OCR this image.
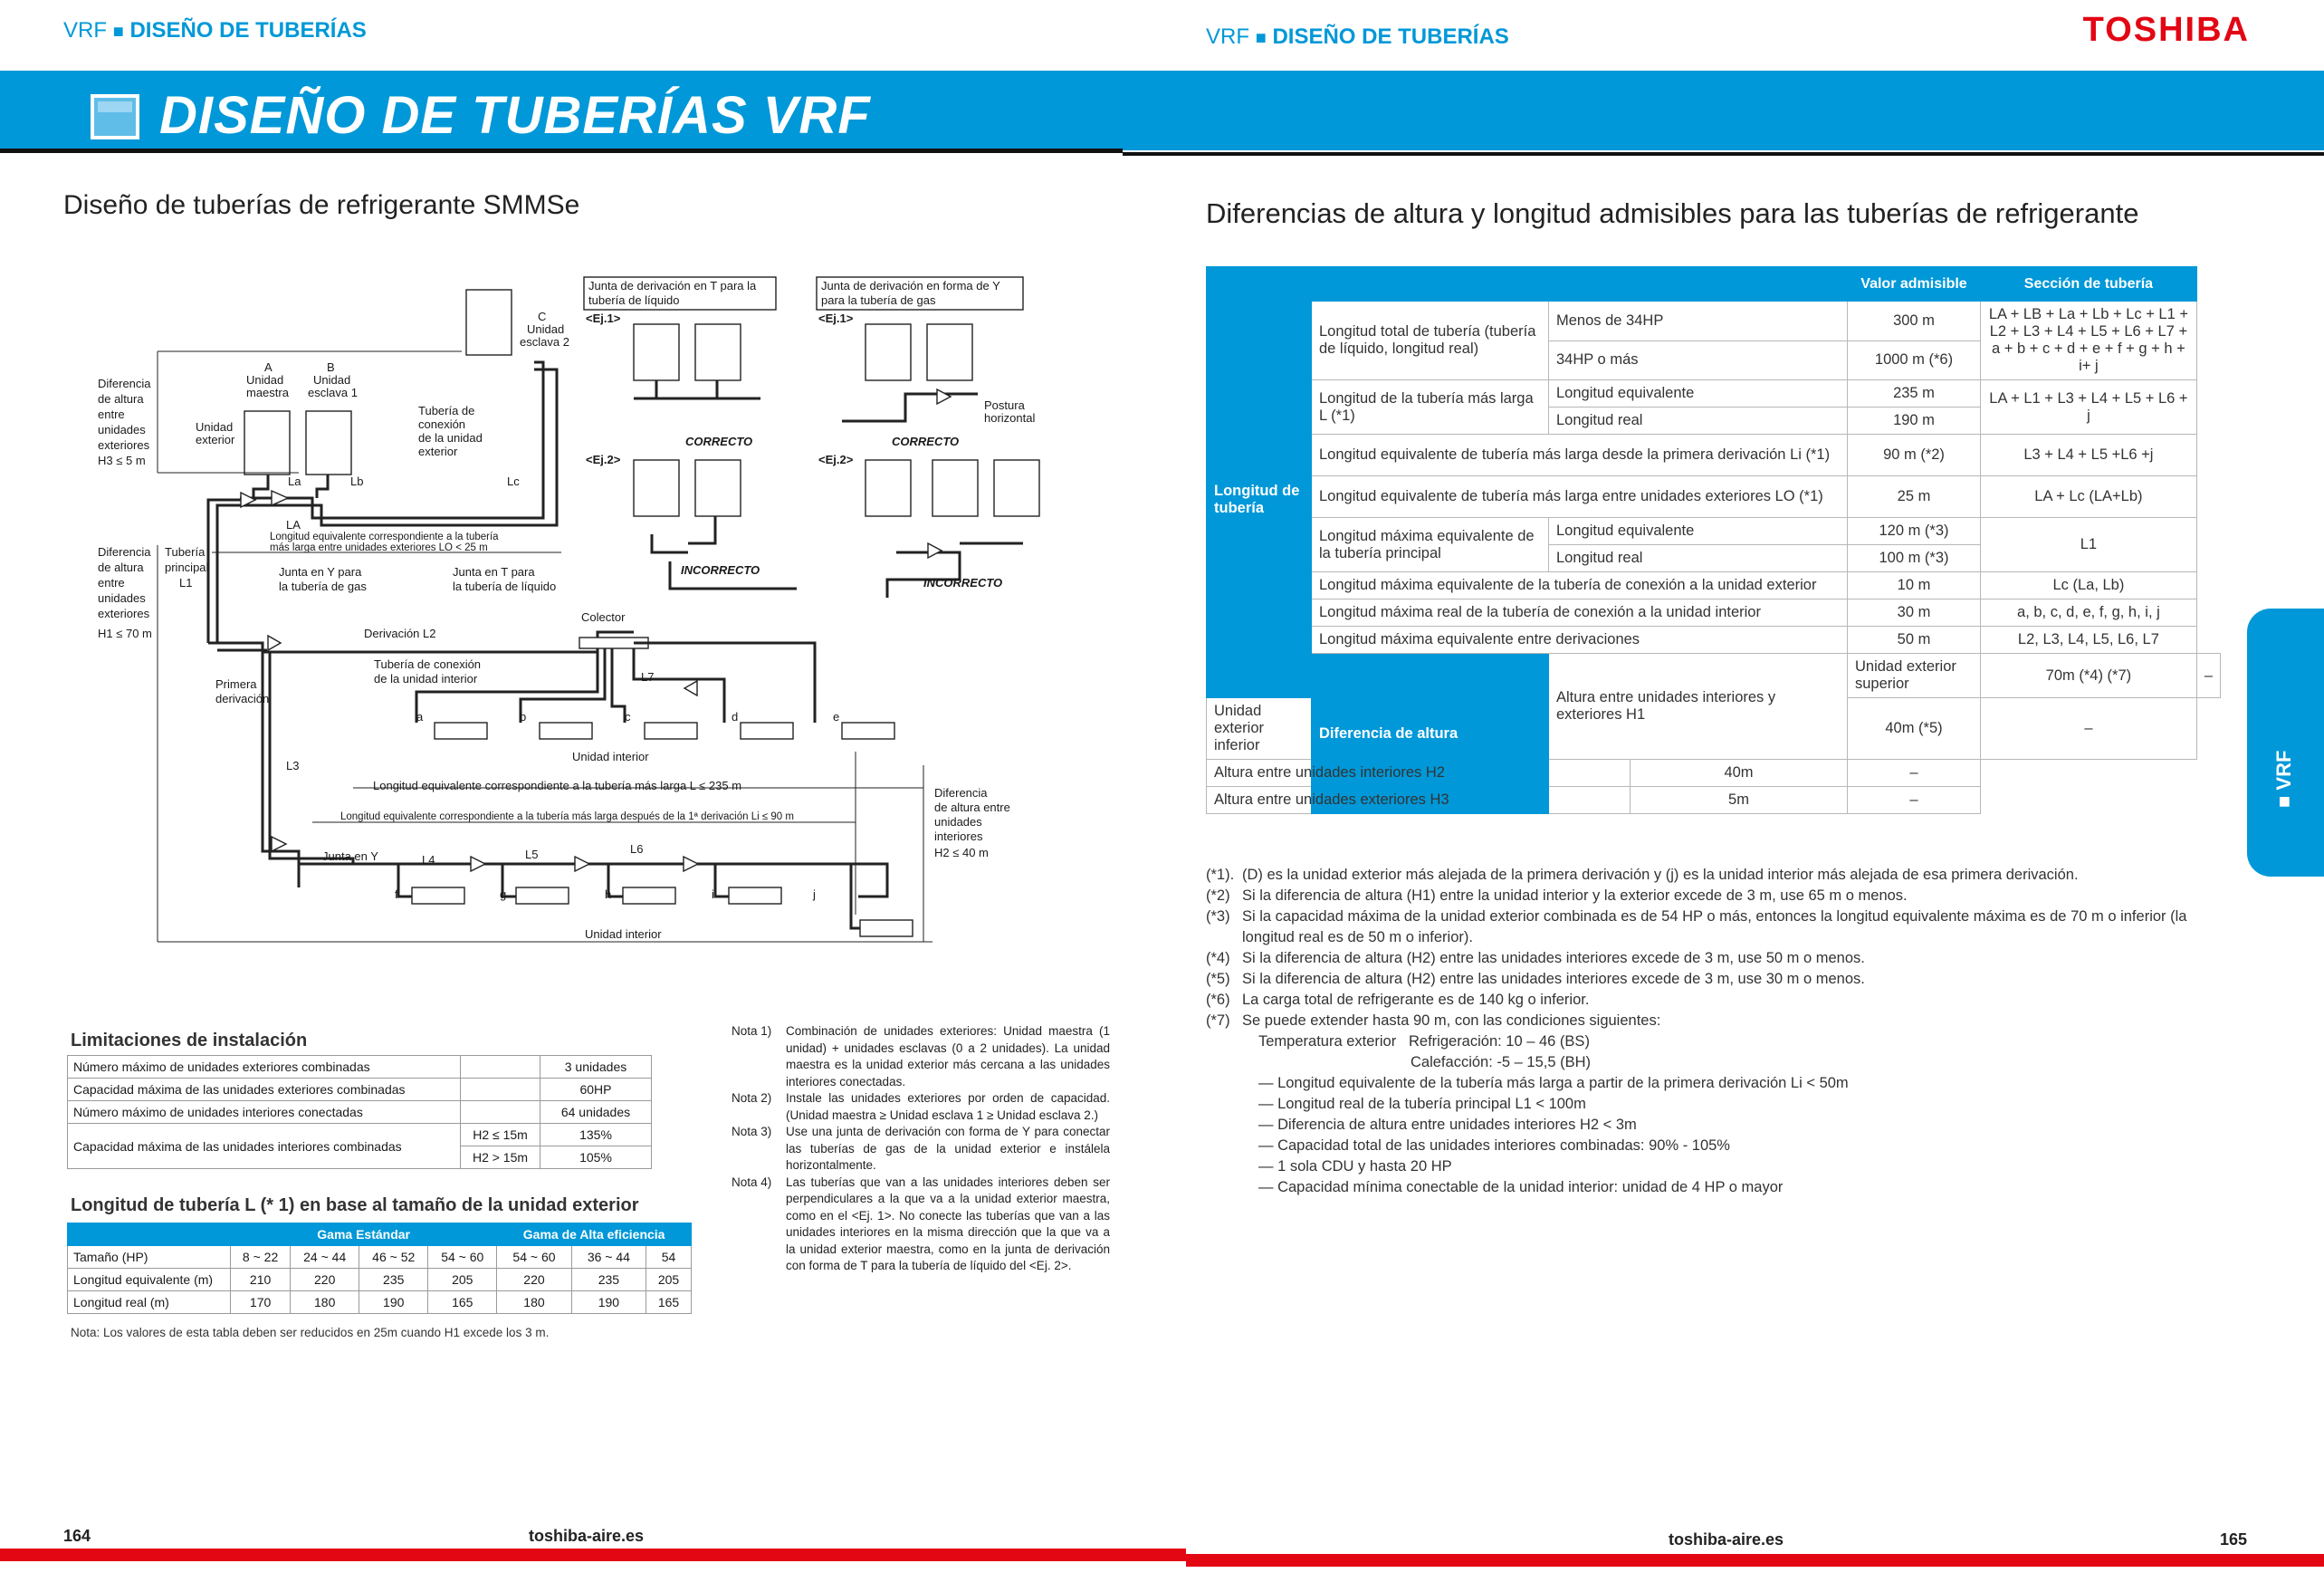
VRF ■ DISEÑO DE TUBERÍAS	VRF ■ DISEÑO DE TUBERÍAS	TOSHIBA
DISEÑO DE TUBERÍAS VRF
Diseño de tuberías de refrigerante SMMSe
Junta de derivación en T para la
tubería de líquido
Junta de derivación en forma de Y
para la tubería de gas
<Ej.1>	<Ej.1>
<Ej.2>	<Ej.2>
CORRECTO	CORRECTO
INCORRECTO
INCORRECTO
Postura
horizontal
C
Unidad
esclava 2
A
Unidad
maestra
B
Unidad
esclava 1
Unidad
exterior
Tubería de
conexión
de la unidad
exterior
Diferencia
de altura
entre
unidades
exteriores
H3 ≤ 5 m
Diferencia
de altura
entre
unidades
exteriores
H1 ≤ 70 m
Tubería
principal
L1
La	Lb	Lc
LA
Longitud equivalente correspondiente a la tubería
más larga entre unidades exteriores LO < 25 m
Junta en Y para
la tubería de gas
Junta en T para
la tubería de líquido
Colector
Derivación L2
Primera
derivación
Tubería de conexión
de la unidad interior	L7
L3
L4	L5	L6
a	b	c	d	e
f	g	h	i	j
Unidad interior
Longitud equivalente correspondiente a la tubería más larga L ≤ 235 m
Longitud equivalente correspondiente a la tubería más larga después de la 1ª derivación Li ≤ 90 m
Junta en Y
Diferencia
de altura entre
unidades
interiores
H2 ≤ 40 m
Unidad interior
Limitaciones de instalación
Número máximo de unidades exteriores combinadas		3 unidades
Capacidad máxima de las unidades exteriores combinadas		60HP
Número máximo de unidades interiores conectadas		64 unidades
Capacidad máxima de las unidades interiores combinadas	H2 ≤ 15m	135%
	H2 > 15m	105%
Longitud de tubería L (* 1) en base al tamaño de la unidad exterior
	Gama Estándar				Gama de Alta eficiencia		
Tamaño (HP)	8 ~ 22	24 ~ 44	46 ~ 52	54 ~ 60	54 ~ 60	36 ~ 44	54
Longitud equivalente (m)	210	220	235	205	220	235	205
Longitud real (m)	170	180	190	165	180	190	165
Nota: Los valores de esta tabla deben ser reducidos en 25m cuando H1 excede los 3 m.
Nota 1)	Combinación de unidades exteriores: Unidad maestra (1 unidad) + unidades esclavas (0 a 2 unidades). La unidad maestra es la unidad exterior más cercana a las unidades interiores conectadas.
Nota 2)	Instale las unidades exteriores por orden de capacidad. (Unidad maestra ≥ Unidad esclava 1 ≥ Unidad esclava 2.)
Nota 3)	Use una junta de derivación con forma de Y para conectar las tuberías de gas de la unidad exterior e instálela horizontalmente.
Nota 4)	Las tuberías que van a las unidades interiores deben ser perpendiculares a la que va a la unidad exterior maestra, como en el <Ej. 1>. No conecte las tuberías que van a las unidades interiores en la misma dirección que la que va a la unidad exterior maestra, como en la junta de derivación con forma de T para la tubería de líquido del <Ej. 2>.
Diferencias de altura y longitud admisibles para las tuberías de refrigerante
				Valor admisible	Sección de tubería	
Longitud de tubería	Longitud total de tubería (tubería de líquido, longitud real)	Menos de 34HP		300 m	LA + LB + La + Lb + Lc + L1 + L2 + L3 + L4 + L5 + L6 + L7 + a + b + c + d + e + f + g + h + i+ j	
		34HP o más		1000 m (*6)		
	Longitud de la tubería más larga L (*1)	Longitud equivalente		235 m	LA + L1 + L3 + L4 + L5 + L6 + j	
		Longitud real		190 m		
	Longitud equivalente de tubería más larga desde la primera derivación Li (*1)			90 m (*2)	L3 + L4 + L5 +L6 +j	
	Longitud equivalente de tubería más larga entre unidades exteriores LO (*1)			25 m	LA + Lc (LA+Lb)	
	Longitud máxima equivalente de la tubería principal	Longitud equivalente		120 m (*3)	L1	
		Longitud real		100 m (*3)		
	Longitud máxima equivalente de la tubería de conexión a la unidad exterior			10 m	Lc (La, Lb)	
	Longitud máxima real de la tubería de conexión a la unidad interior			30 m	a, b, c, d, e, f, g, h, i, j	
	Longitud máxima equivalente entre derivaciones			50 m	L2, L3, L4, L5, L6, L7	
	Diferencia de altura	Altura entre unidades interiores y exteriores H1		Unidad exterior superior	70m (*4) (*7)	–
Unidad exterior inferior				40m (*5)	–	
Altura entre unidades interiores H2			40m	–		
Altura entre unidades exteriores H3			5m	–		
(*1). (D) es la unidad exterior más alejada de la primera derivación y (j) es la unidad interior más alejada de esa primera derivación.
(*2) Si la diferencia de altura (H1) entre la unidad interior y la exterior excede de 3 m, use 65 m o menos.
(*3) Si la capacidad máxima de la unidad exterior combinada es de 54 HP o más, entonces la longitud equivalente máxima es de 70 m o inferior (la longitud real es de 50 m o inferior).
(*4) Si la diferencia de altura (H2) entre las unidades interiores excede de 3 m, use 50 m o menos.
(*5) Si la diferencia de altura (H2) entre las unidades interiores excede de 3 m, use 30 m o menos.
(*6) La carga total de refrigerante es de 140 kg o inferior.
(*7) Se puede extender hasta 90 m, con las condiciones siguientes:
Temperatura exterior Refrigeración: 10 – 46 (BS)
Calefacción: -5 – 15,5 (BH)
— Longitud equivalente de la tubería más larga a partir de la primera derivación Li < 50m
— Longitud real de la tubería principal L1 < 100m
— Diferencia de altura entre unidades interiores H2 < 3m
— Capacidad total de las unidades interiores combinadas: 90% - 105%
— 1 sola CDU y hasta 20 HP
— Capacidad mínima conectable de la unidad interior: unidad de 4 HP o mayor
■ VRF
164	toshiba-aire.es	toshiba-aire.es	165
